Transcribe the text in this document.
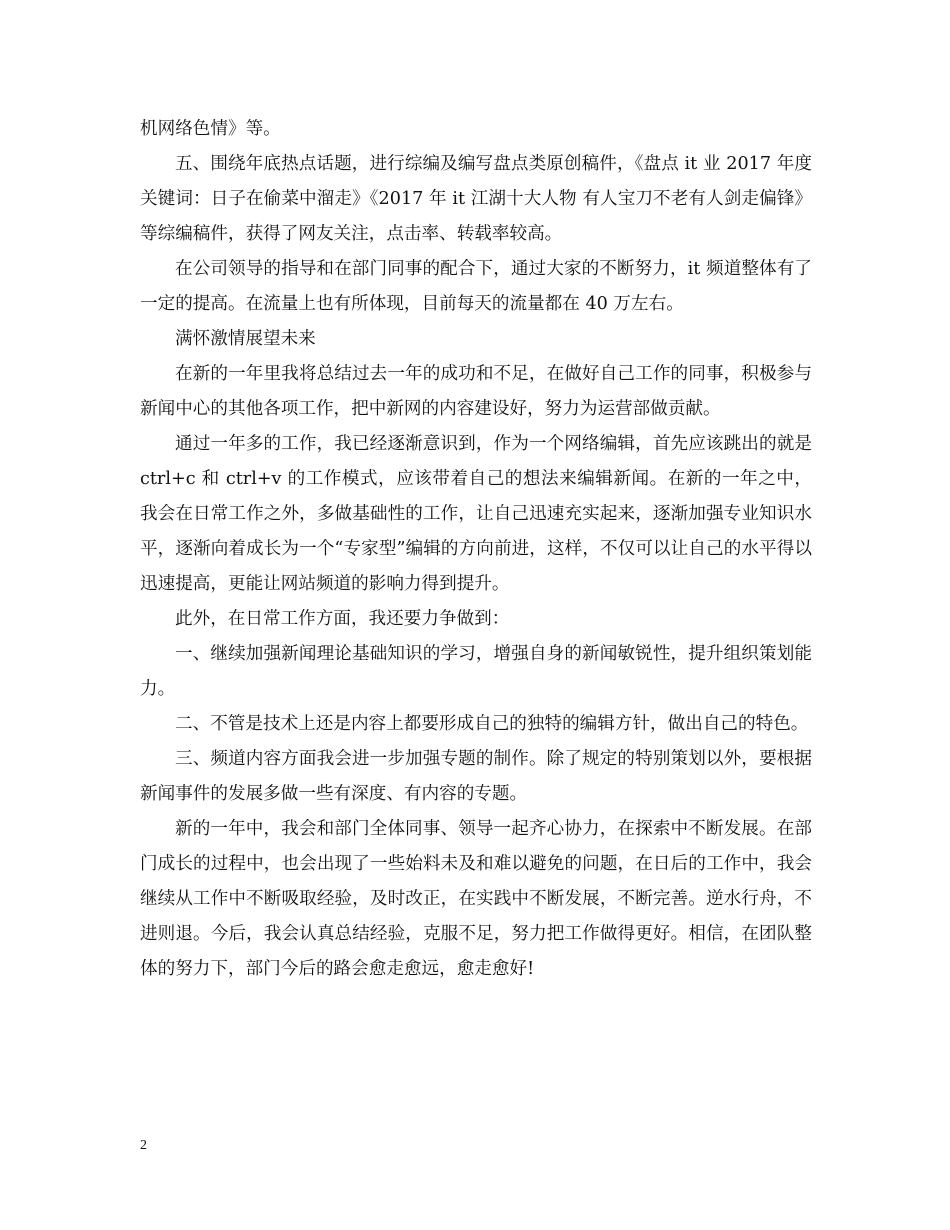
机网络色情》等。

五、围绕年底热点话题，进行综编及编写盘点类原创稿件，《盘点 it 业 2017 年度关键词：日子在偷菜中溜走》《2017 年 it 江湖十大人物 有人宝刀不老有人剑走偏锋》等综编稿件，获得了网友关注，点击率、转载率较高。

在公司领导的指导和在部门同事的配合下，通过大家的不断努力，it 频道整体有了一定的提高。在流量上也有所体现，目前每天的流量都在 40 万左右。

满怀激情展望未来

在新的一年里我将总结过去一年的成功和不足，在做好自己工作的同事，积极参与新闻中心的其他各项工作，把中新网的内容建设好，努力为运营部做贡献。

通过一年多的工作，我已经逐渐意识到，作为一个网络编辑，首先应该跳出的就是 ctrl+c 和 ctrl+v 的工作模式，应该带着自己的想法来编辑新闻。在新的一年之中，我会在日常工作之外，多做基础性的工作，让自己迅速充实起来，逐渐加强专业知识水平，逐渐向着成长为一个“专家型”编辑的方向前进，这样，不仅可以让自己的水平得以迅速提高，更能让网站频道的影响力得到提升。

此外，在日常工作方面，我还要力争做到：

一、继续加强新闻理论基础知识的学习，增强自身的新闻敏锐性，提升组织策划能力。

二、不管是技术上还是内容上都要形成自己的独特的编辑方针，做出自己的特色。

三、频道内容方面我会进一步加强专题的制作。除了规定的特别策划以外，要根据新闻事件的发展多做一些有深度、有内容的专题。

新的一年中，我会和部门全体同事、领导一起齐心协力，在探索中不断发展。在部门成长的过程中，也会出现了一些始料未及和难以避免的问题，在日后的工作中，我会继续从工作中不断吸取经验，及时改正，在实践中不断发展，不断完善。逆水行舟，不进则退。今后，我会认真总结经验，克服不足，努力把工作做得更好。相信，在团队整体的努力下，部门今后的路会愈走愈远，愈走愈好!

2
